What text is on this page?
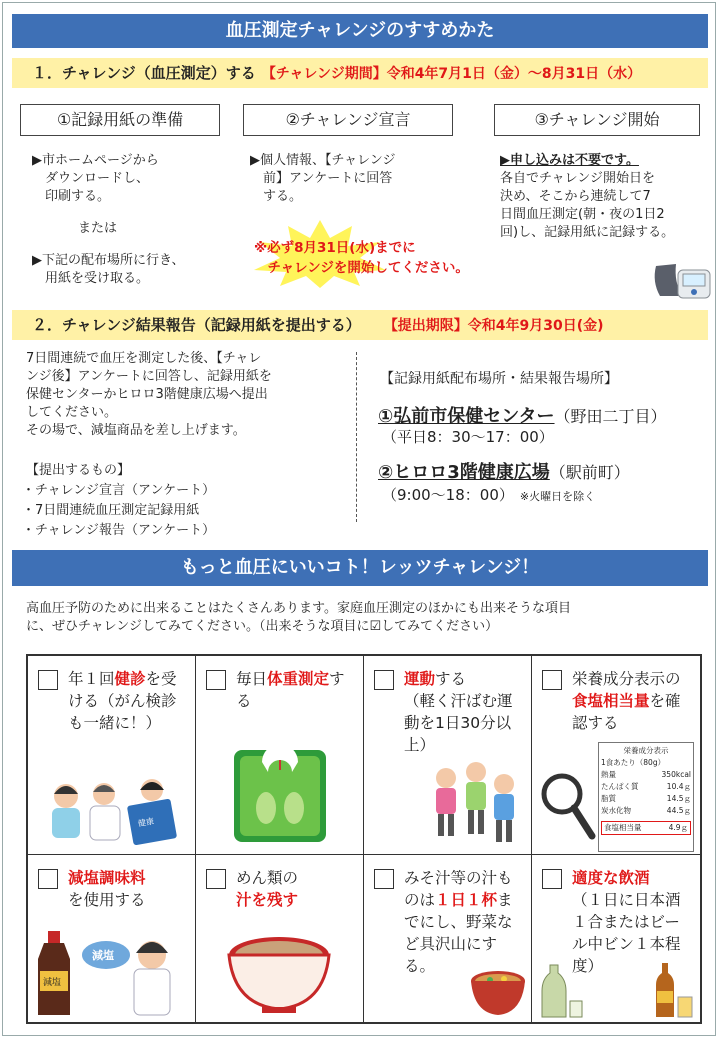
血圧測定チャレンジのすすめかた
１．チャレンジ（血圧測定）する 【チャレンジ期間】令和4年7月1日（金）～8月31日（水）
①記録用紙の準備	②チャレンジ宣言	③チャレンジ開始
▶市ホームページから
　ダウンロードし、
　印刷する。
または
▶下記の配布場所に行き、
　用紙を受け取る。
▶個人情報、【チャレンジ
　前】アンケートに回答
　する。
※必ず8月31日(水)までに
　チャレンジを開始してください。
▶申し込みは不要です。
各自でチャレンジ開始日を
決め、そこから連続して7
日間血圧測定(朝・夜の1日2
回)し、記録用紙に記録する。
２．チャレンジ結果報告（記録用紙を提出する） 【提出期限】令和4年9月30日(金)
7日間連続で血圧を測定した後、【チャレ
ンジ後】アンケートに回答し、記録用紙を
保健センターかヒロロ3階健康広場へ提出
してください。
その場で、減塩商品を差し上げます。
【提出するもの】
・チャレンジ宣言（アンケート）
・7日間連続血圧測定記録用紙
・チャレンジ報告（アンケート）
【記録用紙配布場所・結果報告場所】
①弘前市保健センター（野田二丁目）
（平日8：30～17：00）
②ヒロロ3階健康広場（駅前町）
（9:00～18：00） ※火曜日を除く
もっと血圧にいいコト！レッツチャレンジ！
高血圧予防のために出来ることはたくさんあります。家庭血圧測定のほかにも出来そうな項目
に、ぜひチャレンジしてみてください。（出来そうな項目に☑してみてください）
年１回健診を受ける（がん検診も一緒に！）
健康
毎日体重測定する
運動する
（軽く汗ばむ運動を1日30分以上）
栄養成分表示の食塩相当量を確認する
栄養成分表示
1食あたり（80g）
熱量	350kcal
たんぱく質	10.4ｇ
脂質	14.5ｇ
炭水化物	44.5ｇ
食塩相当量	4.9ｇ
減塩調味料
を使用する
減塩
減塩
めん類の
汁を残す
みそ汁等の汁ものは１日１杯までにし、野菜など具沢山にする。
適度な飲酒
（１日に日本酒１合またはビール中ビン１本程度）
